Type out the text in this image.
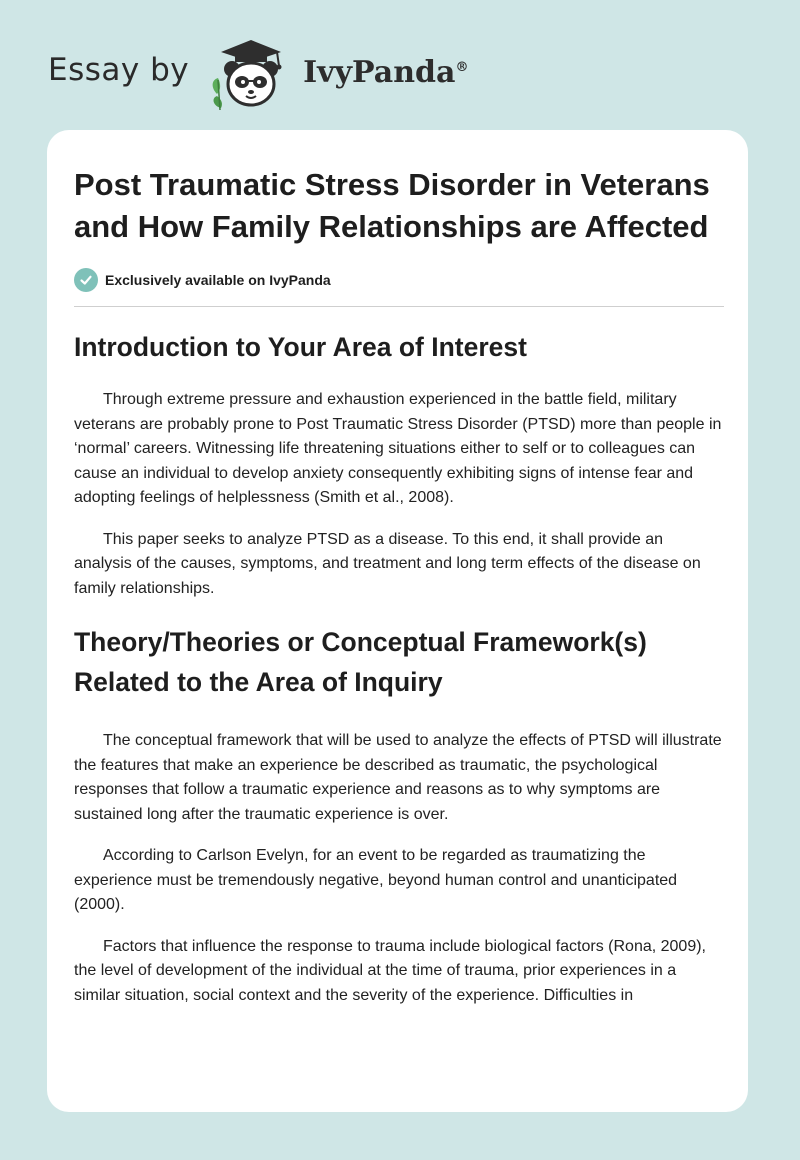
Essay by	IvyPanda®
Post Traumatic Stress Disorder in Veterans and How Family Relationships are Affected
Exclusively available on IvyPanda
Introduction to Your Area of Interest

Through extreme pressure and exhaustion experienced in the battle field, military veterans are probably prone to Post Traumatic Stress Disorder (PTSD) more than people in ‘normal’ careers. Witnessing life threatening situations either to self or to colleagues can cause an individual to develop anxiety consequently exhibiting signs of intense fear and adopting feelings of helplessness (Smith et al., 2008).

This paper seeks to analyze PTSD as a disease. To this end, it shall provide an analysis of the causes, symptoms, and treatment and long term effects of the disease on family relationships.

Theory/Theories or Conceptual Framework(s) Related to the Area of Inquiry

The conceptual framework that will be used to analyze the effects of PTSD will illustrate the features that make an experience be described as traumatic, the psychological responses that follow a traumatic experience and reasons as to why symptoms are sustained long after the traumatic experience is over.

According to Carlson Evelyn, for an event to be regarded as traumatizing the experience must be tremendously negative, beyond human control and unanticipated (2000).

Factors that influence the response to trauma include biological factors (Rona, 2009), the level of development of the individual at the time of trauma, prior experiences in a similar situation, social context and the severity of the experience. Difficulties in
